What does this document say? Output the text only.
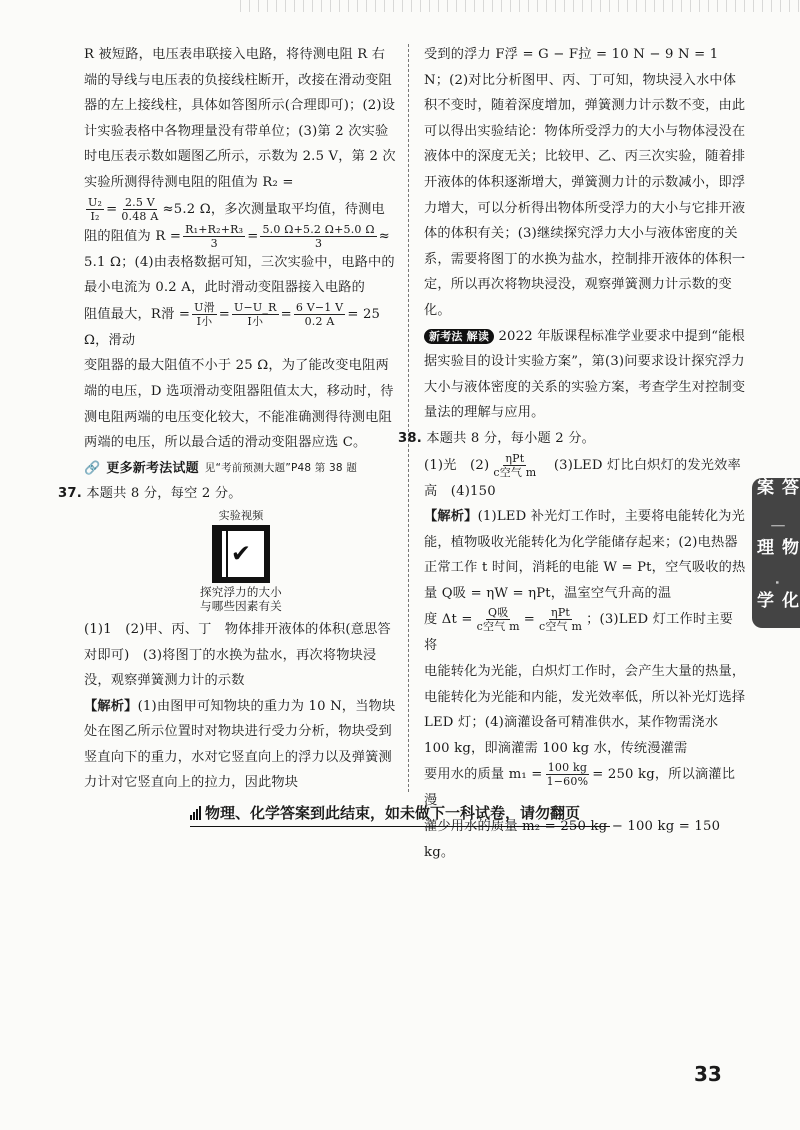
R 被短路，电压表串联接入电路，将待测电阻 R 右端的导线与电压表的负接线柱断开，改接在滑动变阻器的左上接线柱，具体如答图所示(合理即可)；(2)设计实验表格中各物理量没有带单位；(3)第 2 次实验时电压表示数如题图乙所示，示数为 2.5 V，第 2 次实验所测得待测电阻的阻值为 R₂ =

$\frac{\text{U₂}}{\text{I₂}} = \frac{2.5 V}{0.48 A} \approx 5.2$ Ω，多次测量取平均值，待测电

阻的阻值为 $R = \frac{\text{R₁+R₂+R₃}}{3} = \frac{5.0 \Omega+5.2 \Omega+5.0 \Omega}{3}$ ≈

5.1 Ω；(4)由表格数据可知，三次实验中，电路中的最小电流为 0.2 A，此时滑动变阻器接入电路的

阻值最大，R滑 = $\frac{\text{U滑}}{\text{I小}} = \frac{U-U\_R}{\text{I小}} = \frac{6 V-1 V}{0.2 A} = 25$ Ω，滑动

变阻器的最大阻值不小于 25 Ω，为了能改变电阻两端的电压，D 选项滑动变阻器阻值太大，移动时，待测电阻两端的电压变化较大，不能准确测得待测电阻两端的电压，所以最合适的滑动变阻器应选 C。

🔗 更多新考法试题 见“考前预测大题”P48 第 38 题

37. 本题共 8 分，每空 2 分。

实验视频
✔
探究浮力的大小
与哪些因素有关

(1)1　(2)甲、丙、丁　物体排开液体的体积(意思答对即可)　(3)将图丁的水换为盐水，再次将物块浸没，观察弹簧测力计的示数

【解析】(1)由图甲可知物块的重力为 10 N，当物块处在图乙所示位置时对物块进行受力分析，物块受到竖直向下的重力，水对它竖直向上的浮力以及弹簧测力计对它竖直向上的拉力，因此物块

受到的浮力 F浮 = G − F拉 = 10 N − 9 N = 1 N；(2)对比分析图甲、丙、丁可知，物块浸入水中体积不变时，随着深度增加，弹簧测力计示数不变，由此可以得出实验结论：物体所受浮力的大小与物体浸没在液体中的深度无关；比较甲、乙、丙三次实验，随着排开液体的体积逐渐增大，弹簧测力计的示数减小，即浮力增大，可以分析得出物体所受浮力的大小与它排开液体的体积有关；(3)继续探究浮力大小与液体密度的关系，需要将图丁的水换为盐水，控制排开液体的体积一定，所以再次将物块浸没，观察弹簧测力计示数的变化。

新考法 解读 2022 年版课程标准学业要求中提到“能根据实验目的设计实验方案”，第(3)问要求设计探究浮力大小与液体密度的关系的实验方案，考查学生对控制变量法的理解与应用。

38. 本题共 8 分，每小题 2 分。

(1)光　$(2) \frac{\text{ηPt}}{\text{c空气 m}}$ 　(3)LED 灯比白炽灯的发光效率高　(4)150

【解析】(1)LED 补光灯工作时，主要将电能转化为光能，植物吸收光能转化为化学能储存起来；(2)电热器正常工作 t 时间，消耗的电能 W = Pt，空气吸收的热量 Q吸 = ηW = ηPt，温室空气升高的温

度 $\Delta t = \frac{\text{Q吸}}{\text{c空气 m}} = \frac{\text{ηPt}}{\text{c空气 m}}$ ；(3)LED 灯工作时主要将

电能转化为光能，白炽灯工作时，会产生大量的热量，电能转化为光能和内能，发光效率低，所以补光灯选择 LED 灯；(4)滴灌设备可精准供水，某作物需浇水 100 kg，即滴灌需 100 kg 水，传统漫灌需

要用水的质量 $m_1 = \frac{100 kg}{1-60\%} = 250$ kg，所以滴灌比漫

灌少用水的质量 m₂ = 250 kg − 100 kg = 150 kg。

答案
｜
物理
·
化学
物理、化学答案到此结束，如未做下一科试卷，请勿翻页
33
